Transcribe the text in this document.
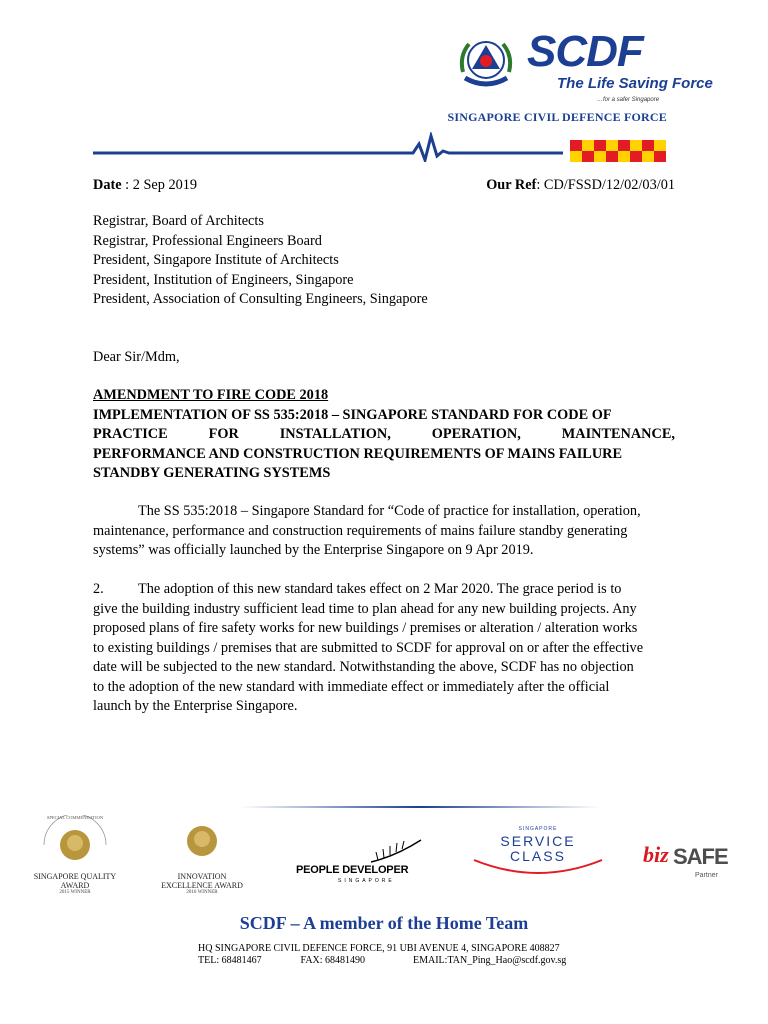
SCDF
The Life Saving Force
…for a safer Singapore
SINGAPORE CIVIL DEFENCE FORCE
Date : 2 Sep 2019	Our Ref: CD/FSSD/12/02/03/01
Registrar, Board of Architects
Registrar, Professional Engineers Board
President, Singapore Institute of Architects
President, Institution of Engineers, Singapore
President, Association of Consulting Engineers, Singapore
Dear Sir/Mdm,
AMENDMENT TO FIRE CODE 2018
IMPLEMENTATION OF SS 535:2018 – SINGAPORE STANDARD FOR CODE OF
PRACTICE	FOR	INSTALLATION,	OPERATION,	MAINTENANCE,
PERFORMANCE AND CONSTRUCTION REQUIREMENTS OF MAINS FAILURE
STANDBY GENERATING SYSTEMS
The SS 535:2018 – Singapore Standard for “Code of practice for installation, operation,
maintenance, performance and construction requirements of mains failure standby generating
systems” was officially launched by the Enterprise Singapore on 9 Apr 2019.
2. The adoption of this new standard takes effect on 2 Mar 2020. The grace period is to
give the building industry sufficient lead time to plan ahead for any new building projects. Any
proposed plans of fire safety works for new buildings / premises or alteration / alteration works
to existing buildings / premises that are submitted to SCDF for approval on or after the effective
date will be subjected to the new standard. Notwithstanding the above, SCDF has no objection
to the adoption of the new standard with immediate effect or immediately after the official
launch by the Enterprise Singapore.
SINGAPORE QUALITY AWARD
2015 WINNER
SPECIAL COMMENDATION
INNOVATION EXCELLENCE AWARD
2016 WINNER
PEOPLE DEVELOPER
SINGAPORE
SINGAPORE
SERVICE
CLASS	biz SAFE
Partner
SCDF – A member of the Home Team
HQ SINGAPORE CIVIL DEFENCE FORCE, 91 UBI AVENUE 4, SINGAPORE 408827
TEL: 68481467	FAX: 68481490	EMAIL:TAN_Ping_Hao@scdf.gov.sg
